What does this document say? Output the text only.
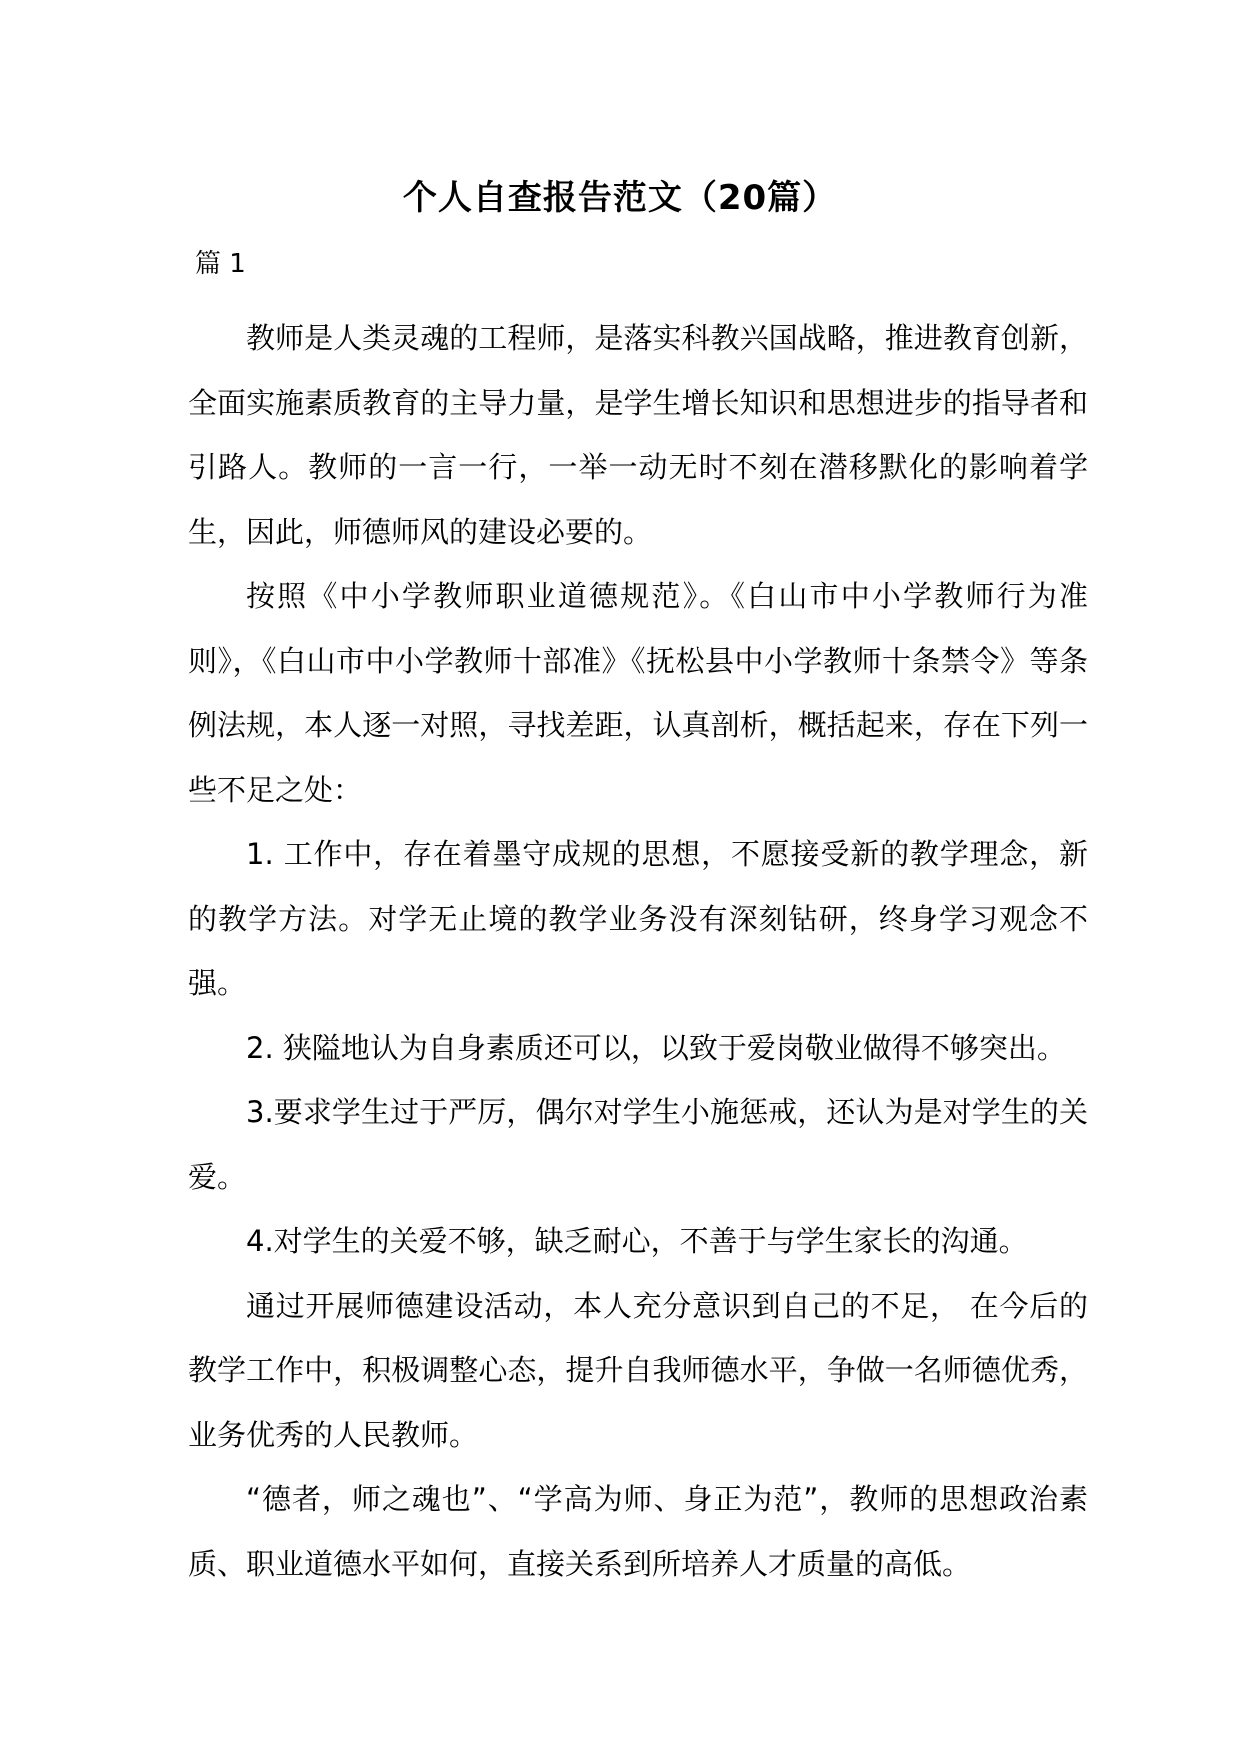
个人自查报告范文（20篇）
篇 1

教师是人类灵魂的工程师，是落实科教兴国战略，推进教育创新，全面实施素质教育的主导力量，是学生增长知识和思想进步的指导者和引路人。教师的一言一行，一举一动无时不刻在潜移默化的影响着学生，因此，师德师风的建设必要的。

按照《中小学教师职业道德规范》。《白山市中小学教师行为准则》，《白山市中小学教师十部准》《抚松县中小学教师十条禁令》等条例法规，本人逐一对照，寻找差距，认真剖析，概括起来，存在下列一些不足之处：

1. 工作中，存在着墨守成规的思想，不愿接受新的教学理念，新的教学方法。对学无止境的教学业务没有深刻钻研，终身学习观念不强。

2. 狭隘地认为自身素质还可以，以致于爱岗敬业做得不够突出。

3.要求学生过于严厉，偶尔对学生小施惩戒，还认为是对学生的关爱。

4.对学生的关爱不够，缺乏耐心，不善于与学生家长的沟通。

通过开展师德建设活动，本人充分意识到自己的不足， 在今后的教学工作中，积极调整心态，提升自我师德水平，争做一名师德优秀，业务优秀的人民教师。

“德者，师之魂也”、“学高为师、身正为范”，教师的思想政治素质、职业道德水平如何，直接关系到所培养人才质量的高低。
